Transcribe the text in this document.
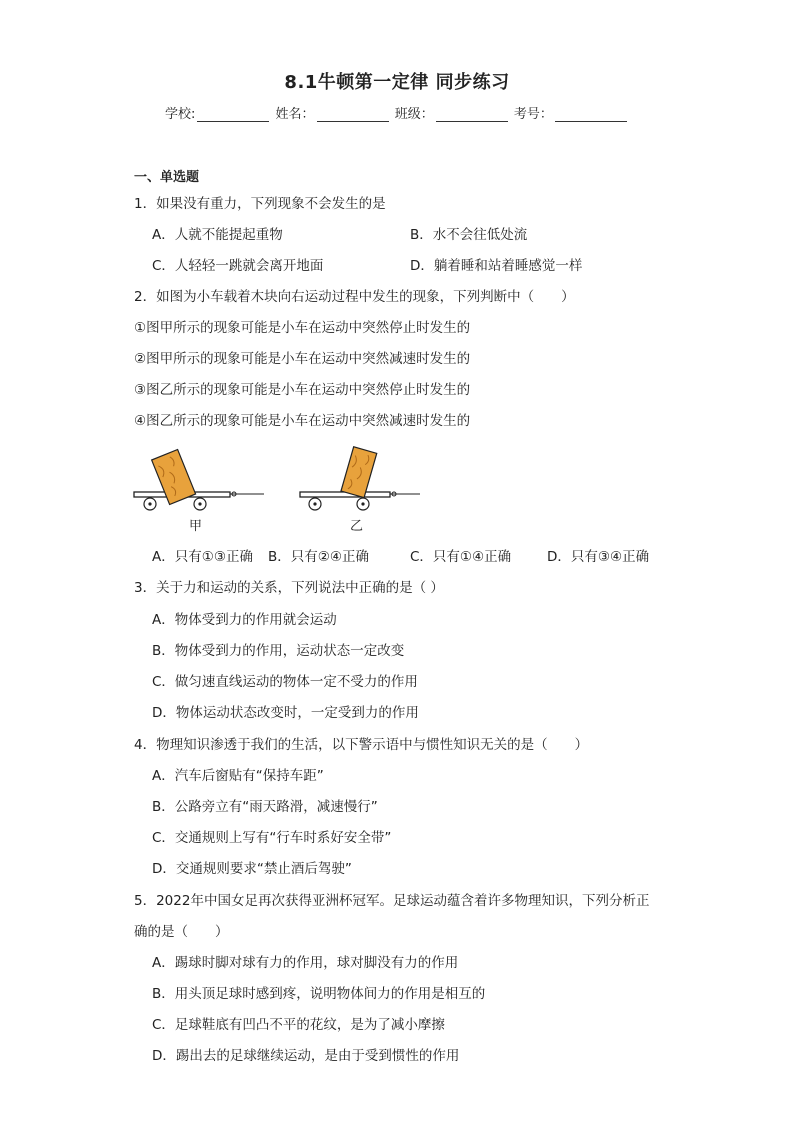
8.1牛顿第一定律 同步练习
学校:	姓名：	班级：	考号：
一、单选题
1．如果没有重力，下列现象不会发生的是
A．人就不能提起重物	B．水不会往低处流
C．人轻轻一跳就会离开地面	D．躺着睡和站着睡感觉一样
2．如图为小车载着木块向右运动过程中发生的现象，下列判断中（　　）
①图甲所示的现象可能是小车在运动中突然停止时发生的
②图甲所示的现象可能是小车在运动中突然减速时发生的
③图乙所示的现象可能是小车在运动中突然停止时发生的
④图乙所示的现象可能是小车在运动中突然减速时发生的
甲	乙
A．只有①③正确 B．只有②④正确	C．只有①④正确	D．只有③④正确
3．关于力和运动的关系，下列说法中正确的是（ ）
A．物体受到力的作用就会运动
B．物体受到力的作用，运动状态一定改变
C．做匀速直线运动的物体一定不受力的作用
D．物体运动状态改变时，一定受到力的作用
4．物理知识渗透于我们的生活，以下警示语中与惯性知识无关的是（　　）
A．汽车后窗贴有“保持车距”
B．公路旁立有“雨天路滑，减速慢行”
C．交通规则上写有“行车时系好安全带”
D．交通规则要求“禁止酒后驾驶”
5．2022年中国女足再次获得亚洲杯冠军。足球运动蕴含着许多物理知识，下列分析正
确的是（　　）
A．踢球时脚对球有力的作用，球对脚没有力的作用
B．用头顶足球时感到疼，说明物体间力的作用是相互的
C．足球鞋底有凹凸不平的花纹，是为了减小摩擦
D．踢出去的足球继续运动，是由于受到惯性的作用
